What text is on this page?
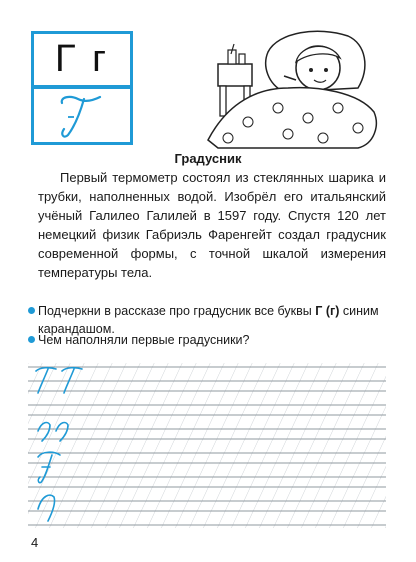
Г г
Градусник

Первый термометр состоял из стеклянных шарика и трубки, наполненных водой. Изобрёл его итальянский учёный Галилео Галилей в 1597 году. Спустя 120 лет немецкий физик Габриэль Фаренгейт создал градусник современной формы, с точной шкалой измерения температуры тела.

Подчеркни в рассказе про градусник все буквы Г (г) синим карандашом.

Чем наполняли первые градусники?

4
